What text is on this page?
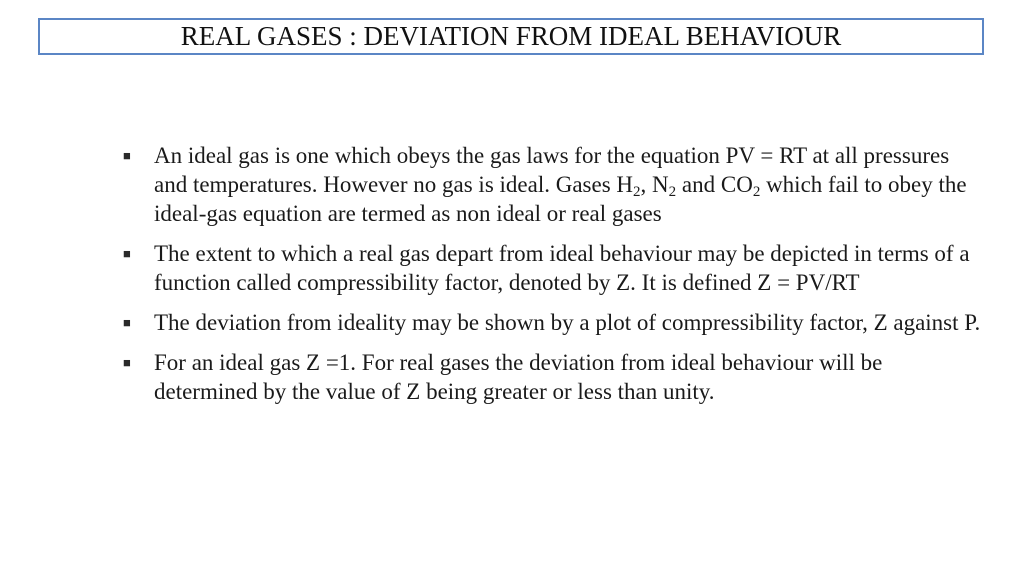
REAL GASES : DEVIATION FROM IDEAL BEHAVIOUR
■	An ideal gas is one which obeys the gas laws for the equation PV = RT at all pressures and temperatures. However no gas is ideal. Gases $H_2$, $N_2$ and $CO_2$ which fail to obey the ideal-gas equation are termed as non ideal or real gases
■	The extent to which a real gas depart from ideal behaviour may be depicted in terms of a function called compressibility factor, denoted by Z. It is defined Z = PV/RT
■	The deviation from ideality may be shown by a plot of compressibility factor, Z against P.
■	For an ideal gas Z =1. For real gases the deviation from ideal behaviour will be determined by the value of Z being greater or less than unity.
